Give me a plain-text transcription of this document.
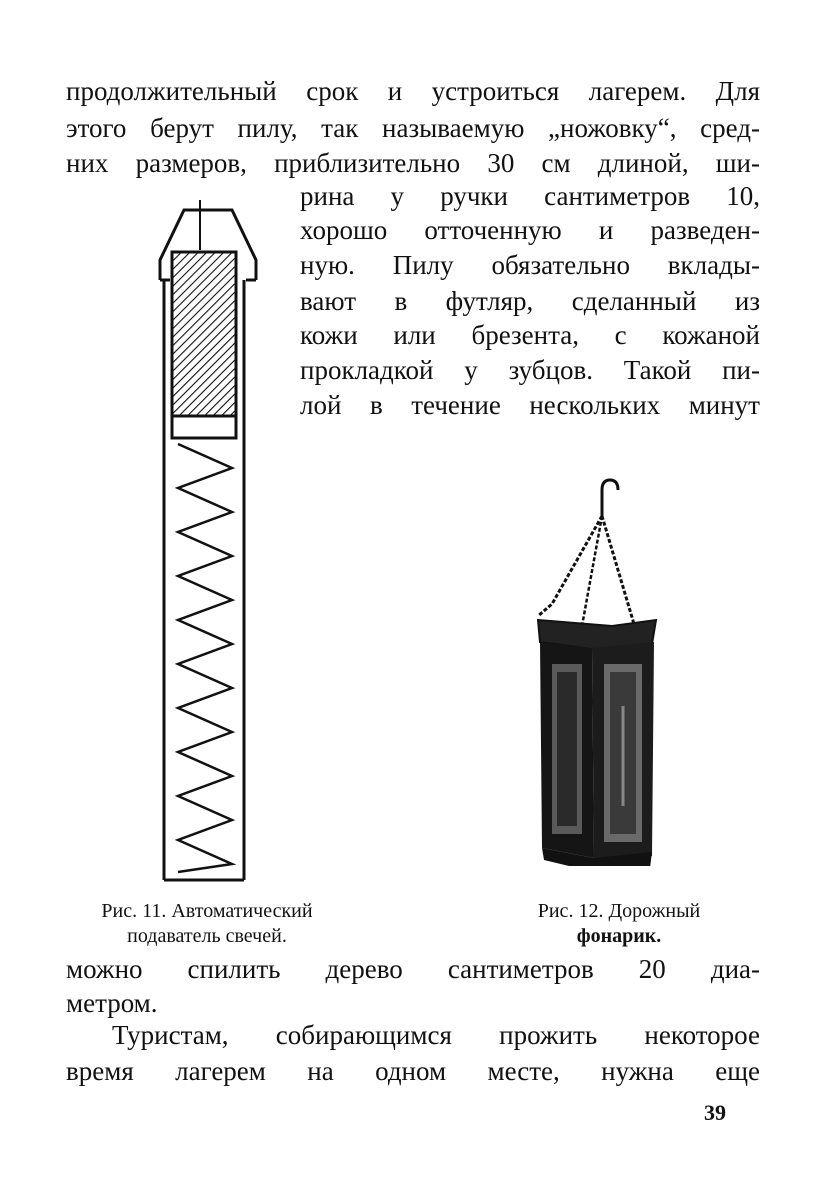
продолжительный срок и устроиться лагерем. Для
этого берут пилу, так называемую „ножовку“, сред-
них размеров, приблизительно 30 см длиной, ши-
рина у ручки сантиметров 10,
хорошо отточенную и разведен-
ную. Пилу обязательно вклады-
вают в футляр, сделанный из
кожи или брезента, с кожаной
прокладкой у зубцов. Такой пи-
лой в течение нескольких минут
Рис. 11. Автоматический
подаватель свечей.
Рис. 12. Дорожный
фонарик.
можно спилить дерево сантиметров 20 диа-
метром.
Туристам, собирающимся прожить некоторое
время лагерем на одном месте, нужна еще
39
